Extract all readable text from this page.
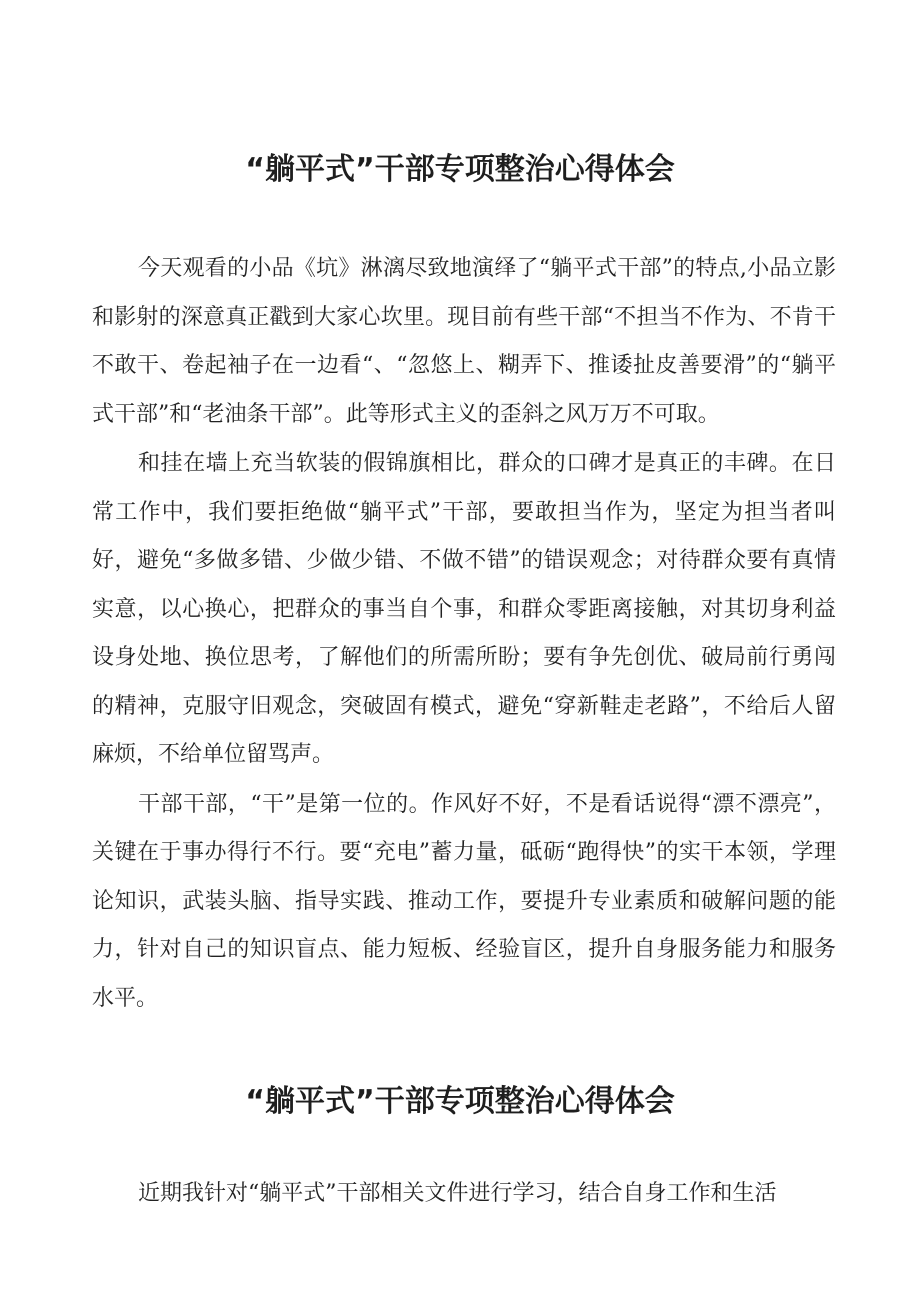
“躺平式”干部专项整治心得体会

今天观看的小品《坑》淋漓尽致地演绎了“躺平式干部”的特点,小品立影和影射的深意真正戳到大家心坎里。现目前有些干部“不担当不作为、不肯干不敢干、卷起袖子在一边看“、“忽悠上、糊弄下、推诿扯皮善要滑”的“躺平式干部”和“老油条干部”。此等形式主义的歪斜之风万万不可取。

和挂在墙上充当软装的假锦旗相比，群众的口碑才是真正的丰碑。在日常工作中，我们要拒绝做“躺平式”干部，要敢担当作为，坚定为担当者叫好，避免“多做多错、少做少错、不做不错”的错误观念；对待群众要有真情实意，以心换心，把群众的事当自个事，和群众零距离接触，对其切身利益设身处地、换位思考，了解他们的所需所盼；要有争先创优、破局前行勇闯的精神，克服守旧观念，突破固有模式，避免“穿新鞋走老路”，不给后人留麻烦，不给单位留骂声。

干部干部，“干”是第一位的。作风好不好，不是看话说得“漂不漂亮”，关键在于事办得行不行。要“充电”蓄力量，砥砺“跑得快”的实干本领，学理论知识，武装头脑、指导实践、推动工作，要提升专业素质和破解问题的能力，针对自己的知识盲点、能力短板、经验盲区，提升自身服务能力和服务水平。

“躺平式”干部专项整治心得体会

近期我针对“躺平式”干部相关文件进行学习，结合自身工作和生活
